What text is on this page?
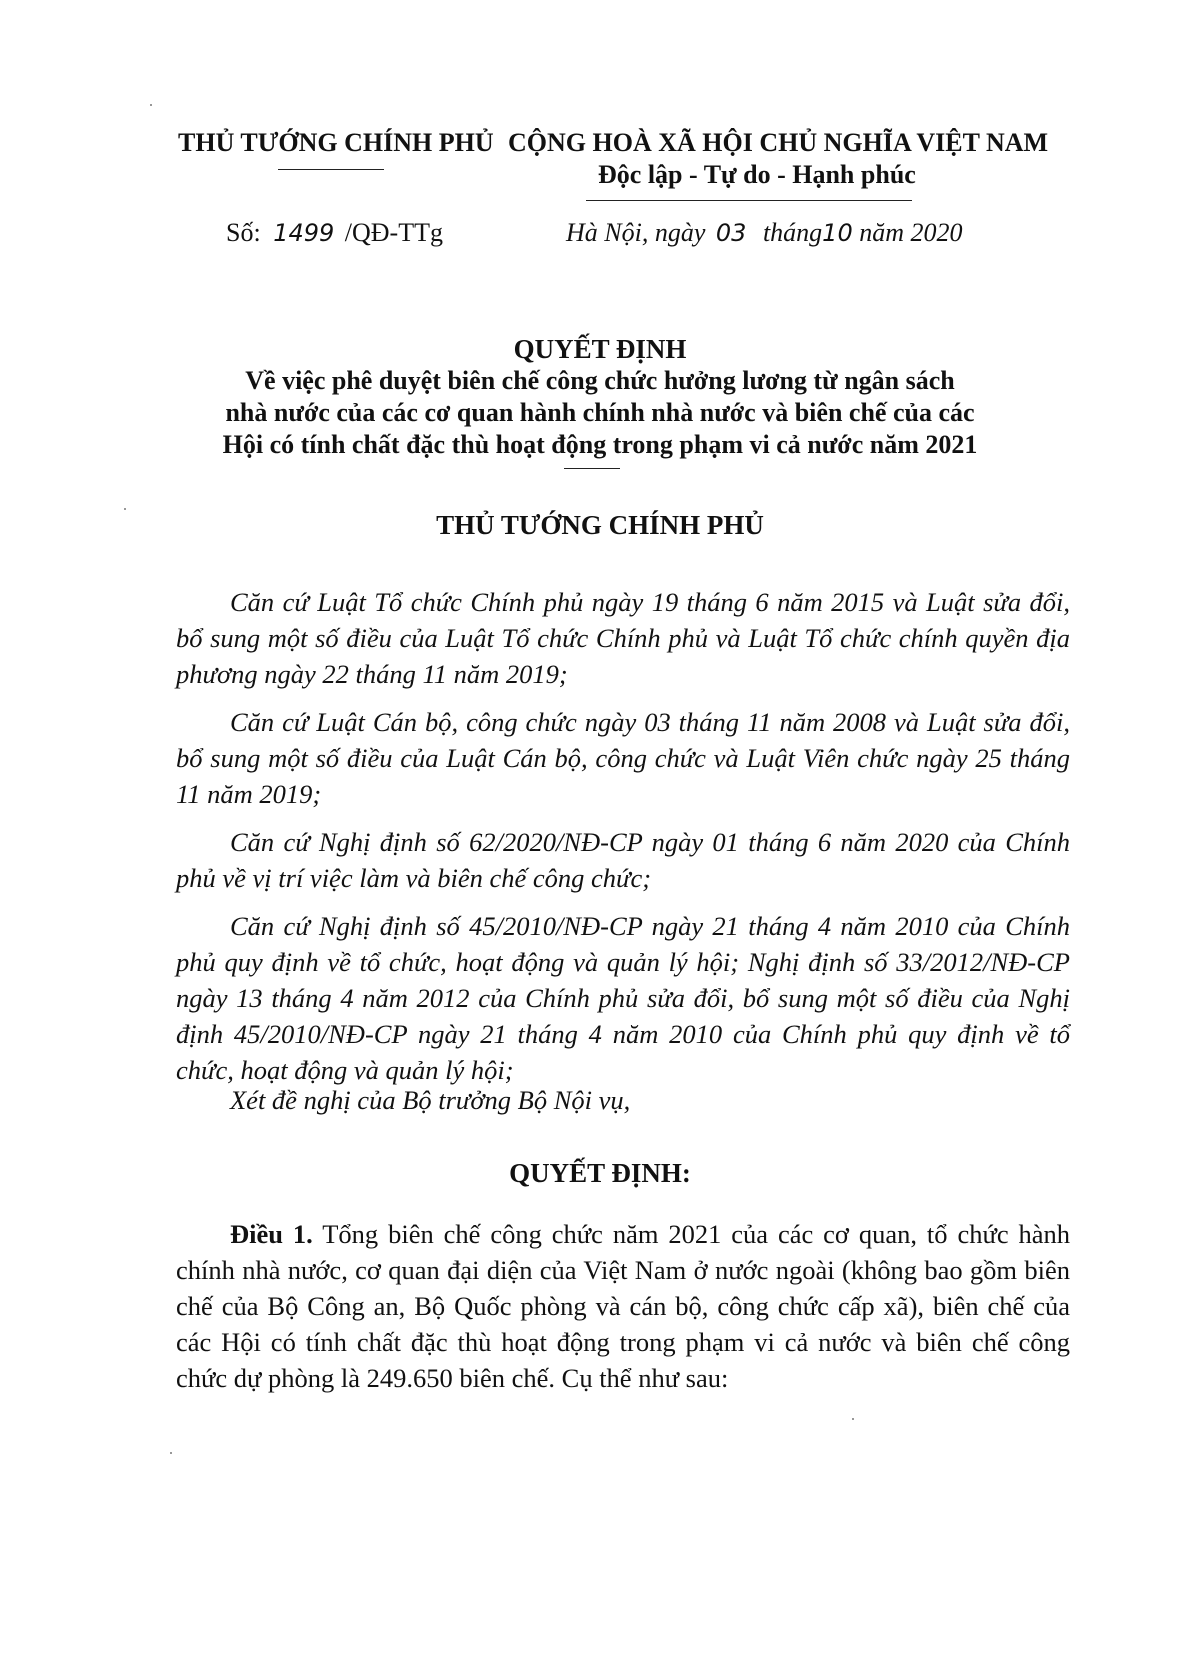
THỦ TƯỚNG CHÍNH PHỦ CỘNG HOÀ XÃ HỘI CHỦ NGHĨA VIỆT NAM
Độc lập - Tự do - Hạnh phúc
Số: 1499 /QĐ-TTg	Hà Nội, ngày 03 tháng10 năm 2020
QUYẾT ĐỊNH
Về việc phê duyệt biên chế công chức hưởng lương từ ngân sách
nhà nước của các cơ quan hành chính nhà nước và biên chế của các
Hội có tính chất đặc thù hoạt động trong phạm vi cả nước năm 2021
THỦ TƯỚNG CHÍNH PHỦ
Căn cứ Luật Tổ chức Chính phủ ngày 19 tháng 6 năm 2015 và Luật sửa đổi, bổ sung một số điều của Luật Tổ chức Chính phủ và Luật Tổ chức chính quyền địa phương ngày 22 tháng 11 năm 2019;
Căn cứ Luật Cán bộ, công chức ngày 03 tháng 11 năm 2008 và Luật sửa đổi, bổ sung một số điều của Luật Cán bộ, công chức và Luật Viên chức ngày 25 tháng 11 năm 2019;
Căn cứ Nghị định số 62/2020/NĐ-CP ngày 01 tháng 6 năm 2020 của Chính phủ về vị trí việc làm và biên chế công chức;
Căn cứ Nghị định số 45/2010/NĐ-CP ngày 21 tháng 4 năm 2010 của Chính phủ quy định về tổ chức, hoạt động và quản lý hội; Nghị định số 33/2012/NĐ-CP ngày 13 tháng 4 năm 2012 của Chính phủ sửa đổi, bổ sung một số điều của Nghị định 45/2010/NĐ-CP ngày 21 tháng 4 năm 2010 của Chính phủ quy định về tổ chức, hoạt động và quản lý hội;
Xét đề nghị của Bộ trưởng Bộ Nội vụ,
QUYẾT ĐỊNH:
Điều 1. Tổng biên chế công chức năm 2021 của các cơ quan, tổ chức hành chính nhà nước, cơ quan đại diện của Việt Nam ở nước ngoài (không bao gồm biên chế của Bộ Công an, Bộ Quốc phòng và cán bộ, công chức cấp xã), biên chế của các Hội có tính chất đặc thù hoạt động trong phạm vi cả nước và biên chế công chức dự phòng là 249.650 biên chế. Cụ thể như sau:
